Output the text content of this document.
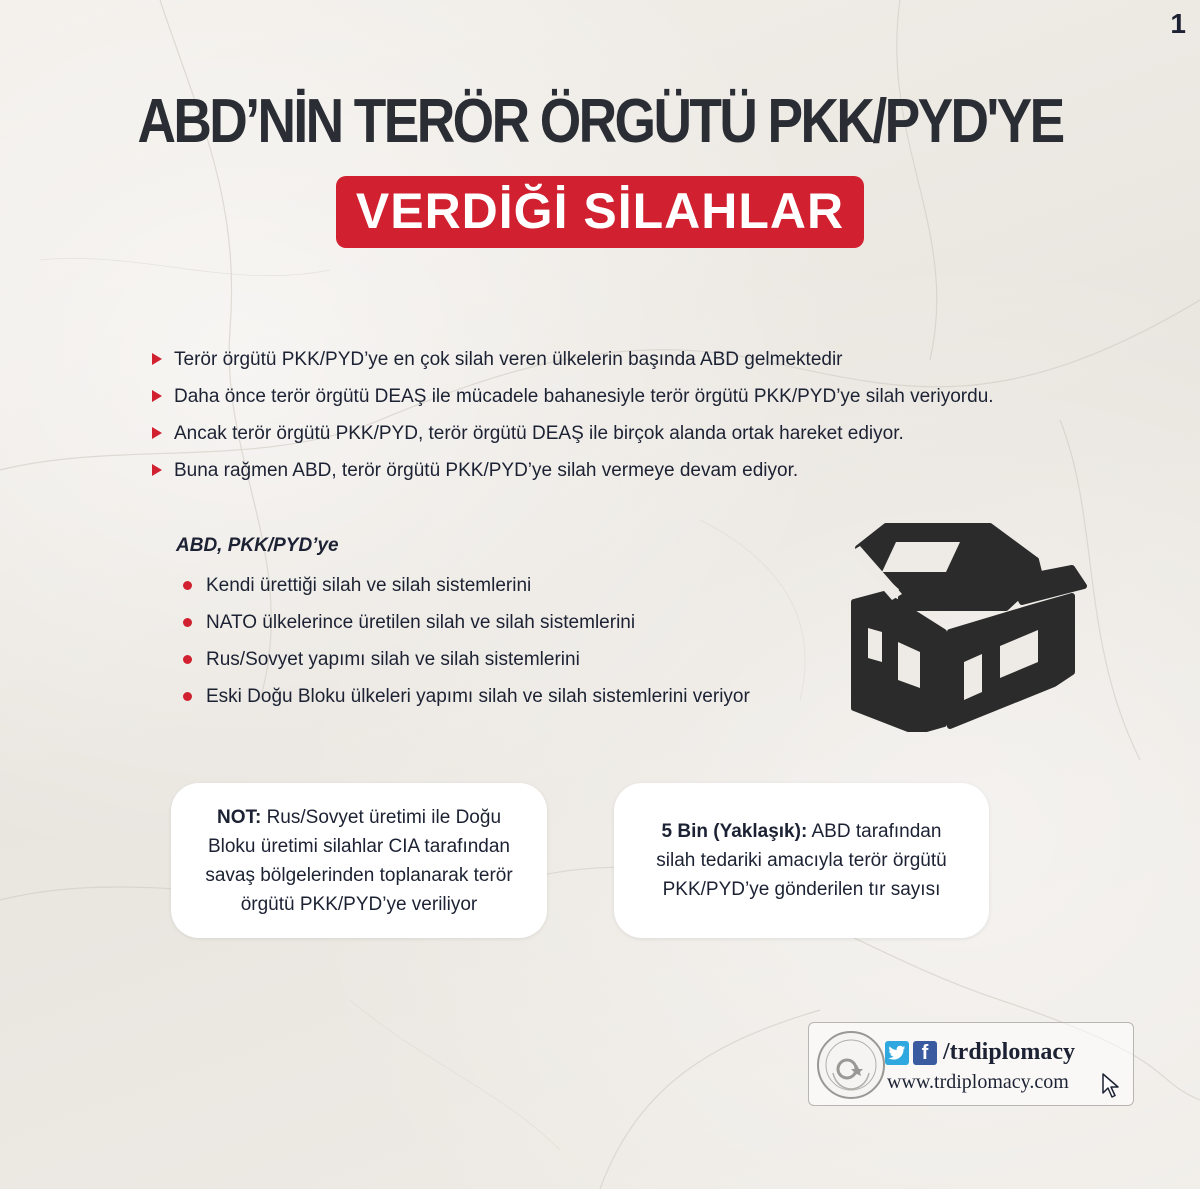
1
ABD’NİN TERÖR ÖRGÜTÜ PKK/PYD'YE
VERDİĞİ SİLAHLAR
Terör örgütü PKK/PYD’ye en çok silah veren ülkelerin başında ABD gelmektedir
Daha önce terör örgütü DEAŞ ile mücadele bahanesiyle terör örgütü PKK/PYD’ye silah veriyordu.
Ancak terör örgütü PKK/PYD, terör örgütü DEAŞ ile birçok alanda ortak hareket ediyor.
Buna rağmen ABD, terör örgütü PKK/PYD’ye silah vermeye devam ediyor.
ABD, PKK/PYD’ye
Kendi ürettiği silah ve silah sistemlerini
NATO ülkelerince üretilen silah ve silah sistemlerini
Rus/Sovyet yapımı silah ve silah sistemlerini
Eski Doğu Bloku ülkeleri yapımı silah ve silah sistemlerini veriyor
NOT: Rus/Sovyet üretimi ile Doğu Bloku üretimi silahlar CIA tarafından savaş bölgelerinden toplanarak terör örgütü PKK/PYD’ye veriliyor
5 Bin (Yaklaşık): ABD tarafından silah tedariki amacıyla terör örgütü PKK/PYD’ye gönderilen tır sayısı
f /trdiplomacy
www.trdiplomacy.com
